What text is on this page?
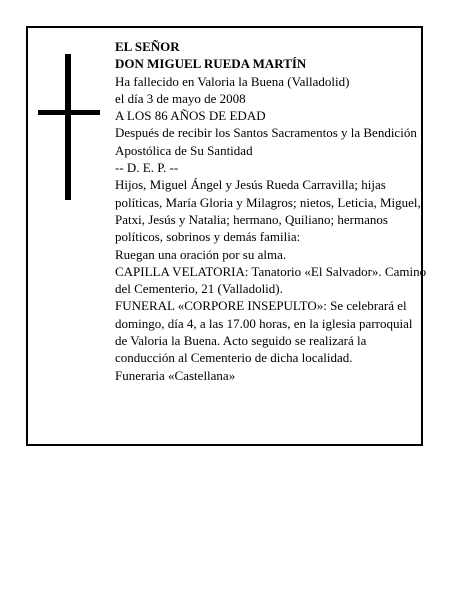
EL SEÑOR
DON MIGUEL RUEDA MARTÍN
Ha fallecido en Valoria la Buena (Valladolid)
el día 3 de mayo de 2008
A LOS 86 AÑOS DE EDAD
Después de recibir los Santos Sacramentos y la Bendición Apostólica de Su Santidad
-- D. E. P. --
Hijos, Miguel Ángel y Jesús Rueda Carravilla; hijas políticas, María Gloria y Milagros; nietos, Leticia, Miguel, Patxi, Jesús y Natalia; hermano, Quiliano; hermanos políticos, sobrinos y demás familia:
Ruegan una oración por su alma.
CAPILLA VELATORIA: Tanatorio «El Salvador». Camino del Cementerio, 21 (Valladolid).
FUNERAL «CORPORE INSEPULTO»: Se celebrará el domingo, día 4, a las 17.00 horas, en la iglesia parroquial de Valoria la Buena. Acto seguido se realizará la conducción al Cementerio de dicha localidad.
Funeraria «Castellana»
